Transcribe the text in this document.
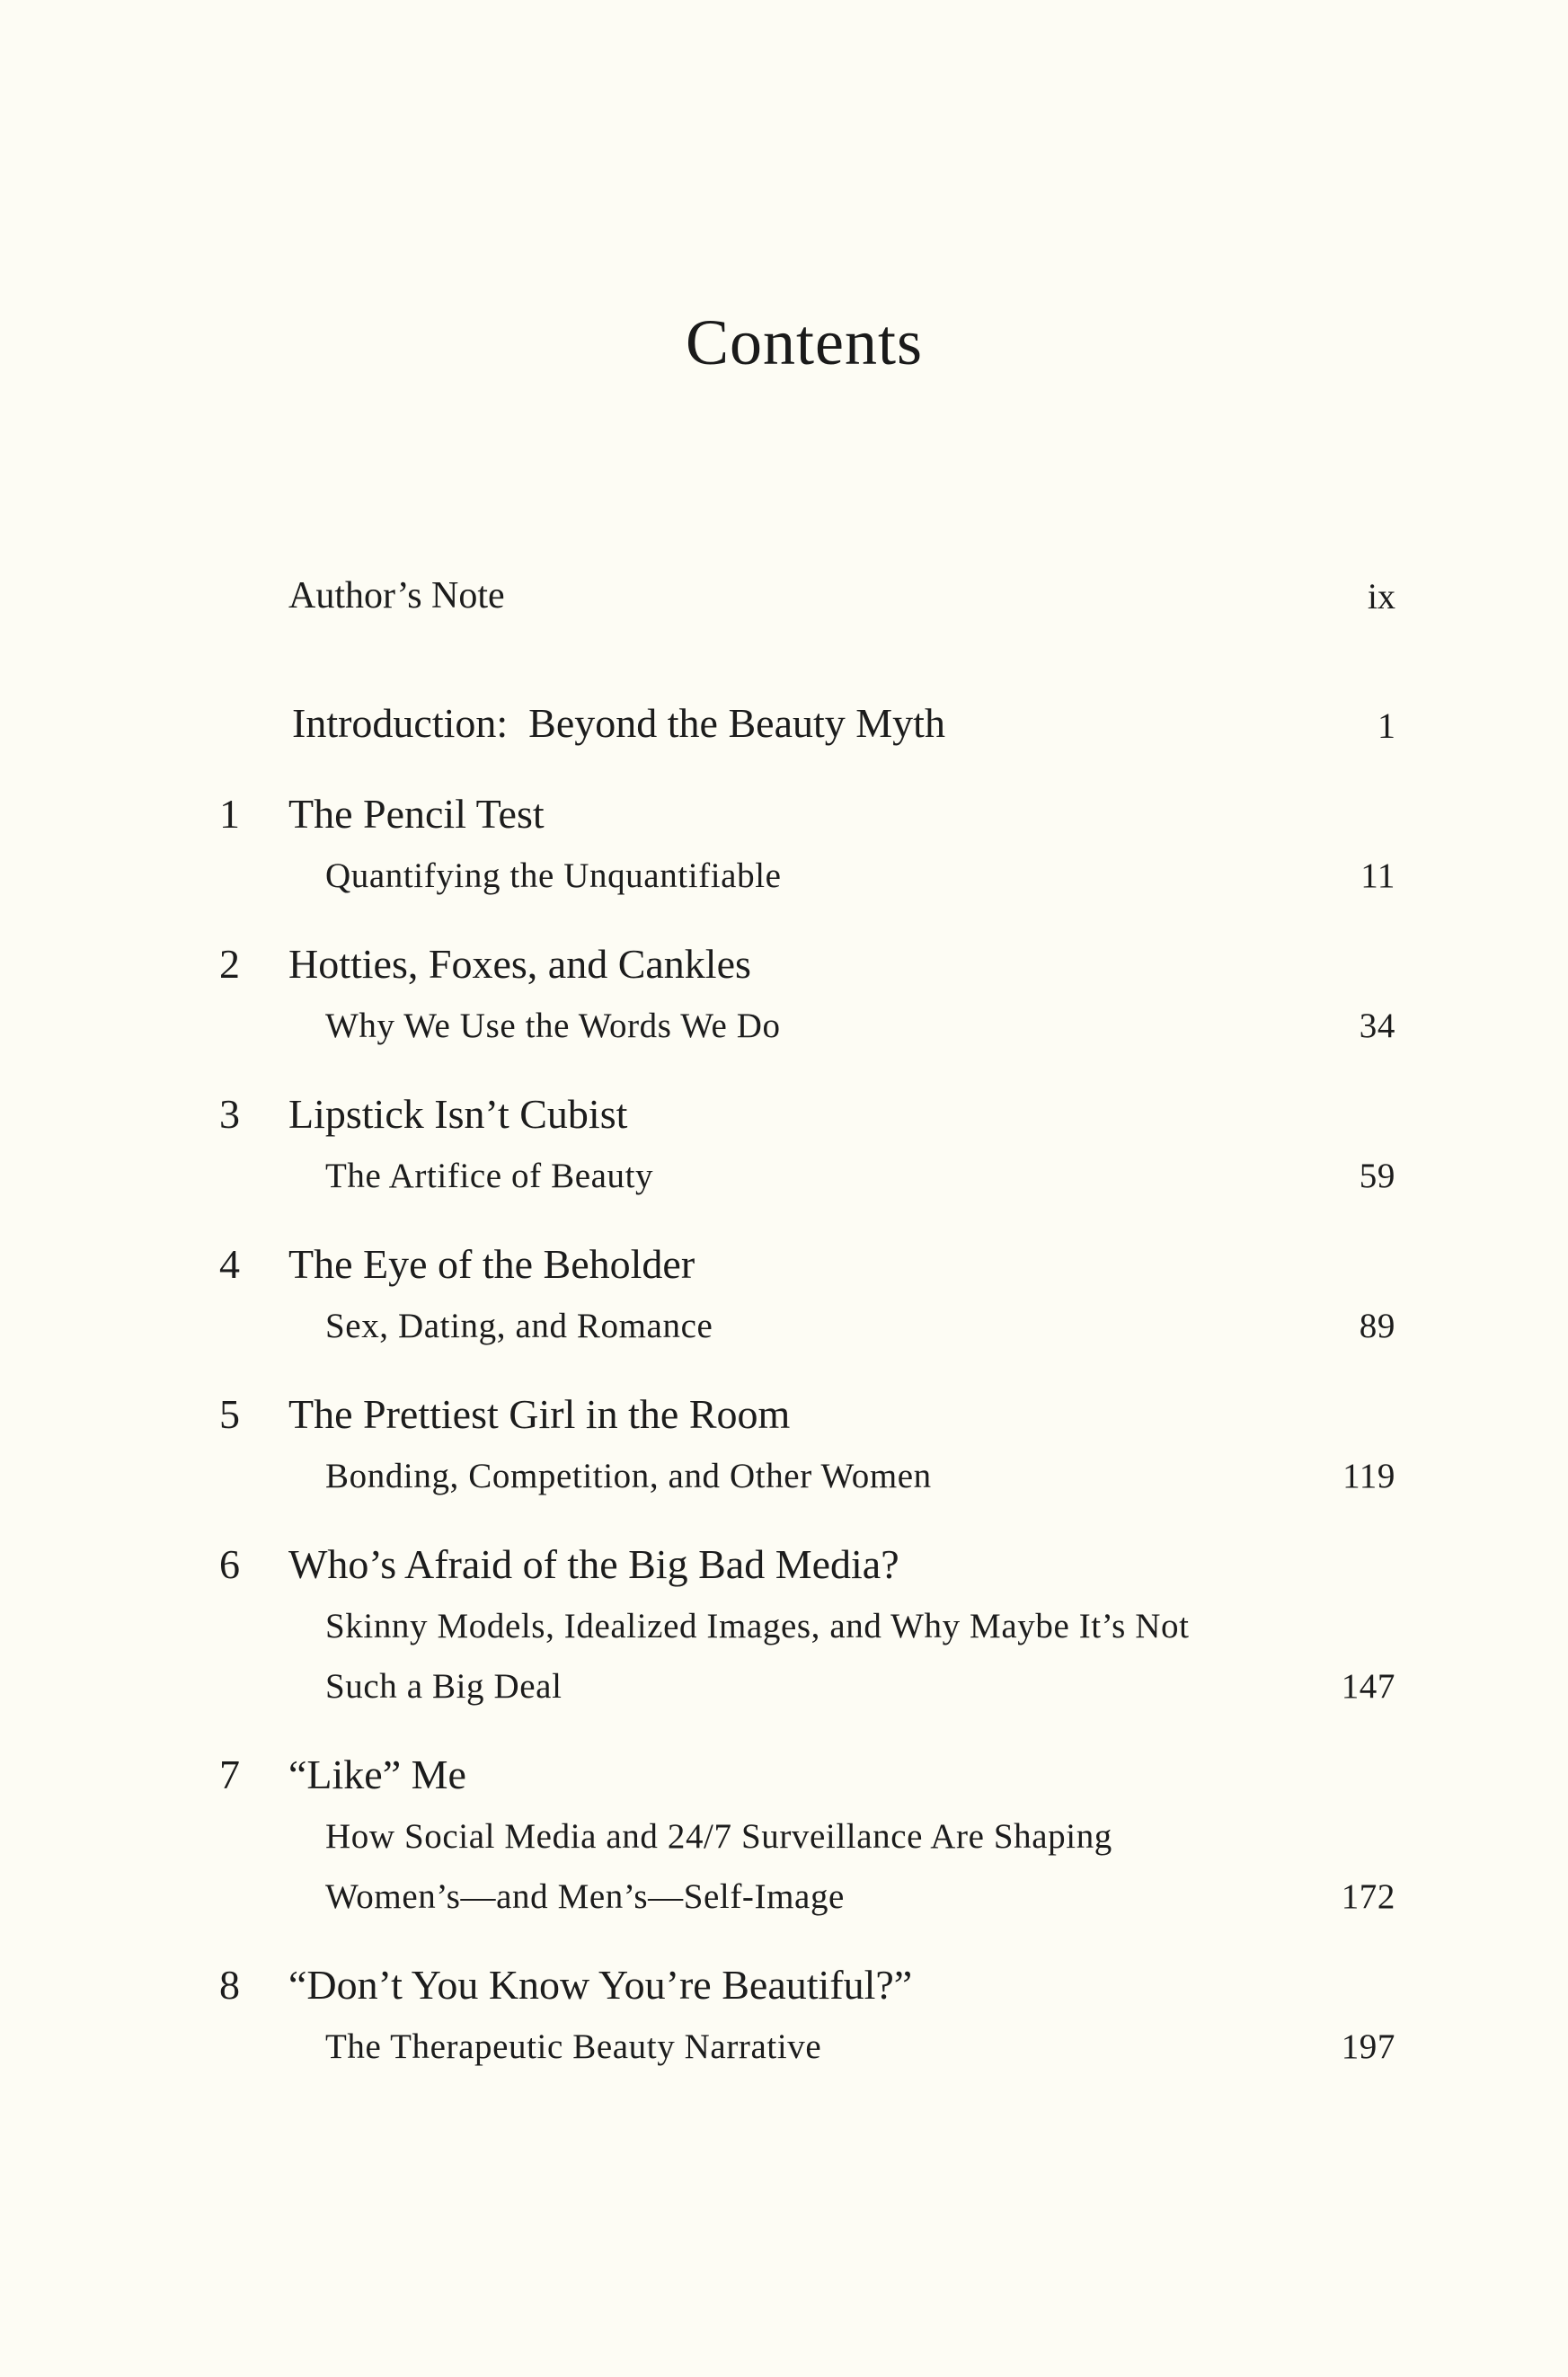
Contents
Author’s Note	ix
Introduction:  Beyond the Beauty Myth	1
1 The Pencil Test
Quantifying the Unquantifiable	11
2 Hotties, Foxes, and Cankles
Why We Use the Words We Do	34
3 Lipstick Isn’t Cubist
The Artifice of Beauty	59
4 The Eye of the Beholder
Sex, Dating, and Romance	89
5 The Prettiest Girl in the Room
Bonding, Competition, and Other Women	119
6 Who’s Afraid of the Big Bad Media?
Skinny Models, Idealized Images, and Why Maybe It’s Not
Such a Big Deal	147
7 “Like” Me
How Social Media and 24/7 Surveillance Are Shaping
Women’s—and Men’s—Self-Image	172
8 “Don’t You Know You’re Beautiful?”
The Therapeutic Beauty Narrative	197
